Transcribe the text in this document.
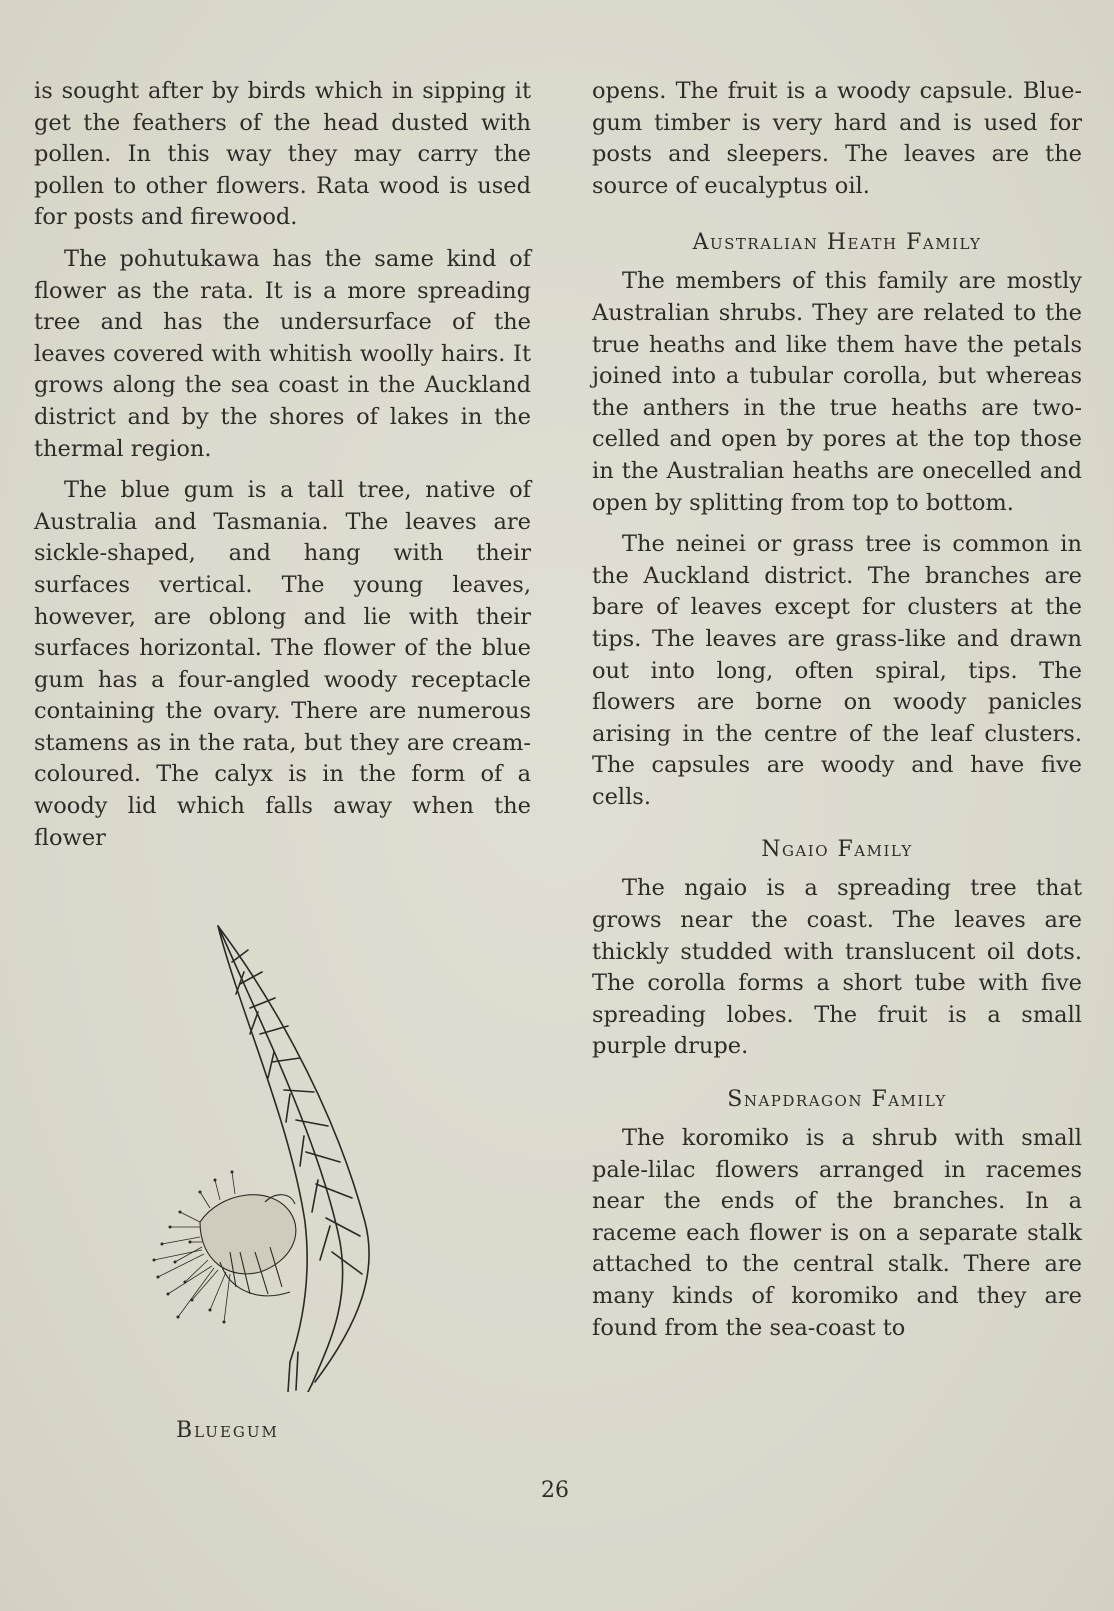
is sought after by birds which in sipping it get the feathers of the head dusted with pollen. In this way they may carry the pollen to other flowers. Rata wood is used for posts and firewood.

The pohutukawa has the same kind of flower as the rata. It is a more spreading tree and has the undersurface of the leaves covered with whitish woolly hairs. It grows along the sea coast in the Auckland district and by the shores of lakes in the thermal region.

The blue gum is a tall tree, native of Australia and Tasmania. The leaves are sickle-shaped, and hang with their surfaces vertical. The young leaves, however, are oblong and lie with their surfaces horizontal. The flower of the blue gum has a four-angled woody receptacle containing the ovary. There are numerous stamens as in the rata, but they are cream-coloured. The calyx is in the form of a woody lid which falls away when the flower

Bluegum

opens. The fruit is a woody capsule. Blue-gum timber is very hard and is used for posts and sleepers. The leaves are the source of eucalyptus oil.

Australian Heath Family

The members of this family are mostly Australian shrubs. They are related to the true heaths and like them have the petals joined into a tubular corolla, but whereas the anthers in the true heaths are twocelled and open by pores at the top those in the Australian heaths are onecelled and open by splitting from top to bottom.

The neinei or grass tree is common in the Auckland district. The branches are bare of leaves except for clusters at the tips. The leaves are grass-like and drawn out into long, often spiral, tips. The flowers are borne on woody panicles arising in the centre of the leaf clusters. The capsules are woody and have five cells.

Ngaio Family

The ngaio is a spreading tree that grows near the coast. The leaves are thickly studded with translucent oil dots. The corolla forms a short tube with five spreading lobes. The fruit is a small purple drupe.

Snapdragon Family

The koromiko is a shrub with small pale-lilac flowers arranged in racemes near the ends of the branches. In a raceme each flower is on a separate stalk attached to the central stalk. There are many kinds of koromiko and they are found from the sea-coast to

26
